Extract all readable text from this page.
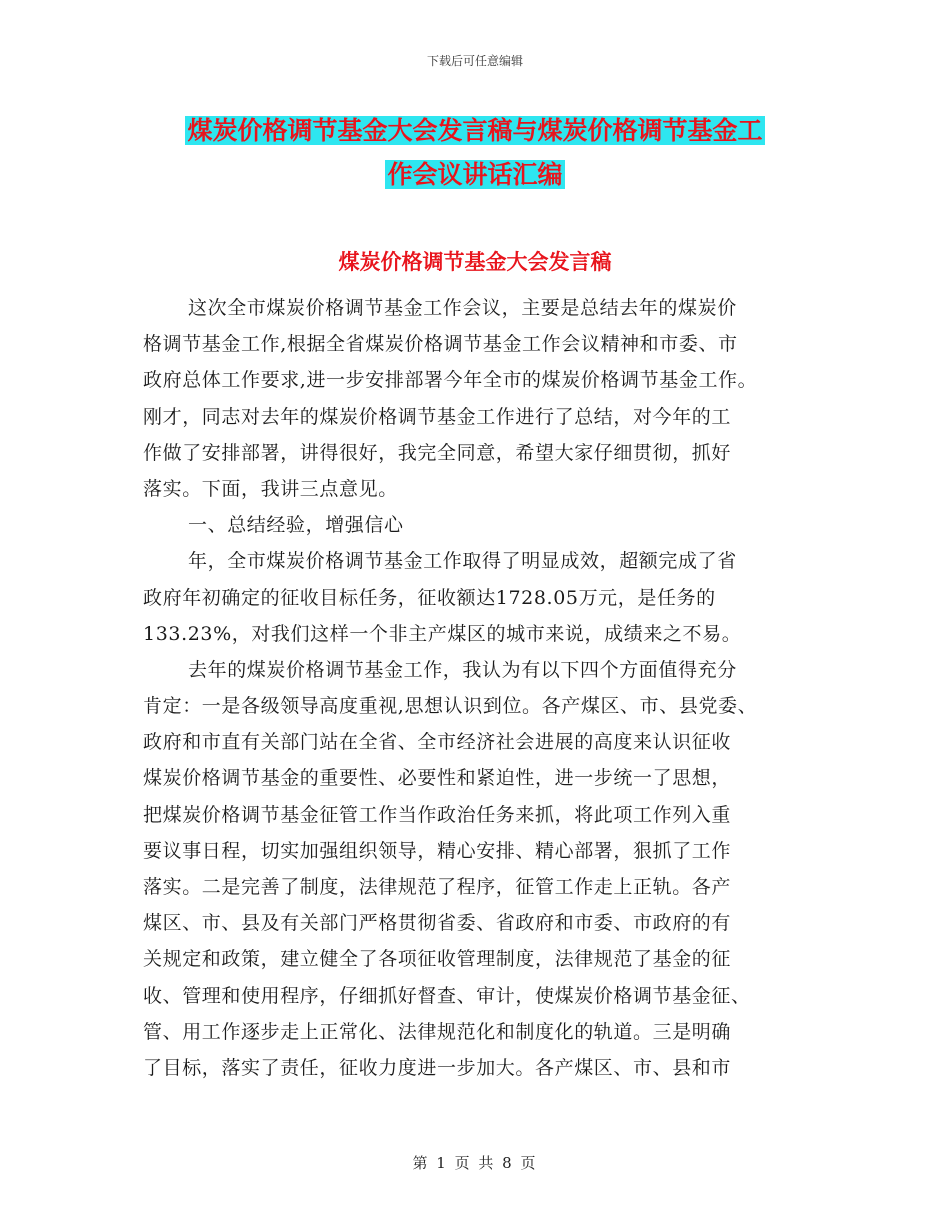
下载后可任意编辑
煤炭价格调节基金大会发言稿与煤炭价格调节基金工
作会议讲话汇编
煤炭价格调节基金大会发言稿
这次全市煤炭价格调节基金工作会议，主要是总结去年的煤炭价
格调节基金工作,根据全省煤炭价格调节基金工作会议精神和市委、市
政府总体工作要求,进一步安排部署今年全市的煤炭价格调节基金工作。
刚才，同志对去年的煤炭价格调节基金工作进行了总结，对今年的工
作做了安排部署，讲得很好，我完全同意，希望大家仔细贯彻，抓好
落实。下面，我讲三点意见。
一、总结经验，增强信心
年，全市煤炭价格调节基金工作取得了明显成效，超额完成了省
政府年初确定的征收目标任务，征收额达1728.05万元，是任务的
133.23%，对我们这样一个非主产煤区的城市来说，成绩来之不易。
去年的煤炭价格调节基金工作，我认为有以下四个方面值得充分
肯定：一是各级领导高度重视,思想认识到位。各产煤区、市、县党委、
政府和市直有关部门站在全省、全市经济社会进展的高度来认识征收
煤炭价格调节基金的重要性、必要性和紧迫性，进一步统一了思想，
把煤炭价格调节基金征管工作当作政治任务来抓，将此项工作列入重
要议事日程，切实加强组织领导，精心安排、精心部署，狠抓了工作
落实。二是完善了制度，法律规范了程序，征管工作走上正轨。各产
煤区、市、县及有关部门严格贯彻省委、省政府和市委、市政府的有
关规定和政策，建立健全了各项征收管理制度，法律规范了基金的征
收、管理和使用程序，仔细抓好督查、审计，使煤炭价格调节基金征、
管、用工作逐步走上正常化、法律规范化和制度化的轨道。三是明确
了目标，落实了责任，征收力度进一步加大。各产煤区、市、县和市
第 1 页 共 8 页
